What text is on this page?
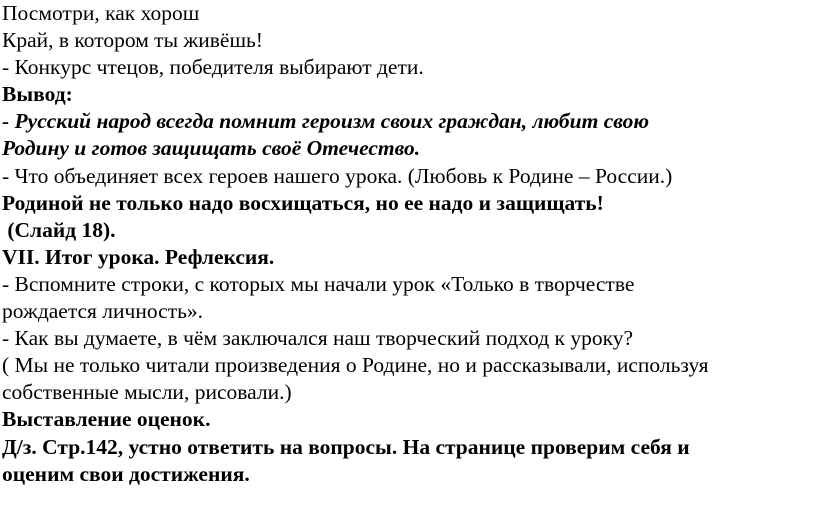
Посмотри, как хорош
Край, в котором ты живёшь!
- Конкурс чтецов, победителя выбирают дети.
Вывод:
- Русский народ всегда помнит героизм своих граждан, любит свою
Родину и готов защищать своё Отечество.
- Что объединяет всех героев нашего урока. (Любовь к Родине – России.)
Родиной не только надо восхищаться, но ее надо и защищать!
(Слайд 18).
VII. Итог урока. Рефлексия.
- Вспомните строки, с которых мы начали урок «Только в творчестве
рождается личность».
- Как вы думаете, в чём заключался наш творческий подход к уроку?
( Мы не только читали произведения о Родине, но и рассказывали, используя
собственные мысли, рисовали.)
Выставление оценок.
Д/з. Стр.142, устно ответить на вопросы. На странице проверим себя и
оценим свои достижения.
